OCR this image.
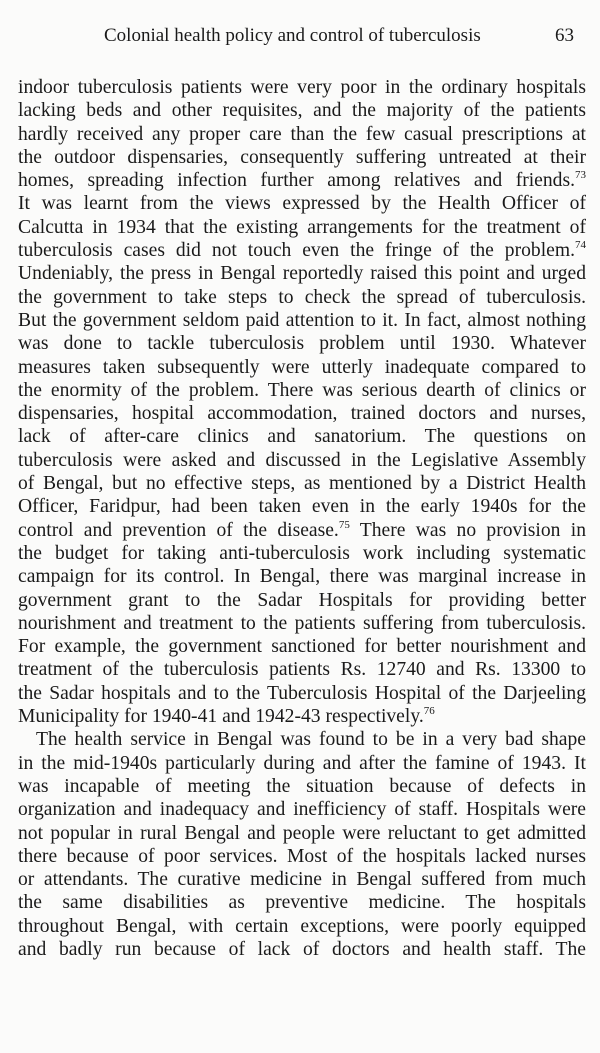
Colonial health policy and control of tuberculosis	63
indoor tuberculosis patients were very poor in the ordinary hospitals
lacking beds and other requisites, and the majority of the patients
hardly received any proper care than the few casual prescriptions at
the outdoor dispensaries, consequently suffering untreated at their
homes, spreading infection further among relatives and friends.$^{73}$
It was learnt from the views expressed by the Health Officer of
Calcutta in 1934 that the existing arrangements for the treatment of
tuberculosis cases did not touch even the fringe of the problem.$^{74}$
Undeniably, the press in Bengal reportedly raised this point and urged
the government to take steps to check the spread of tuberculosis.
But the government seldom paid attention to it. In fact, almost nothing
was done to tackle tuberculosis problem until 1930. Whatever
measures taken subsequently were utterly inadequate compared to
the enormity of the problem. There was serious dearth of clinics or
dispensaries, hospital accommodation, trained doctors and nurses,
lack of after-care clinics and sanatorium. The questions on
tuberculosis were asked and discussed in the Legislative Assembly
of Bengal, but no effective steps, as mentioned by a District Health
Officer, Faridpur, had been taken even in the early 1940s for the
control and prevention of the disease.$^{75}$ There was no provision in
the budget for taking anti-tuberculosis work including systematic
campaign for its control. In Bengal, there was marginal increase in
government grant to the Sadar Hospitals for providing better
nourishment and treatment to the patients suffering from tuberculosis.
For example, the government sanctioned for better nourishment and
treatment of the tuberculosis patients Rs. 12740 and Rs. 13300 to
the Sadar hospitals and to the Tuberculosis Hospital of the Darjeeling
Municipality for 1940-41 and 1942-43 respectively.$^{76}$
The health service in Bengal was found to be in a very bad shape
in the mid-1940s particularly during and after the famine of 1943. It
was incapable of meeting the situation because of defects in
organization and inadequacy and inefficiency of staff. Hospitals were
not popular in rural Bengal and people were reluctant to get admitted
there because of poor services. Most of the hospitals lacked nurses
or attendants. The curative medicine in Bengal suffered from much
the same disabilities as preventive medicine. The hospitals
throughout Bengal, with certain exceptions, were poorly equipped
and badly run because of lack of doctors and health staff. The
